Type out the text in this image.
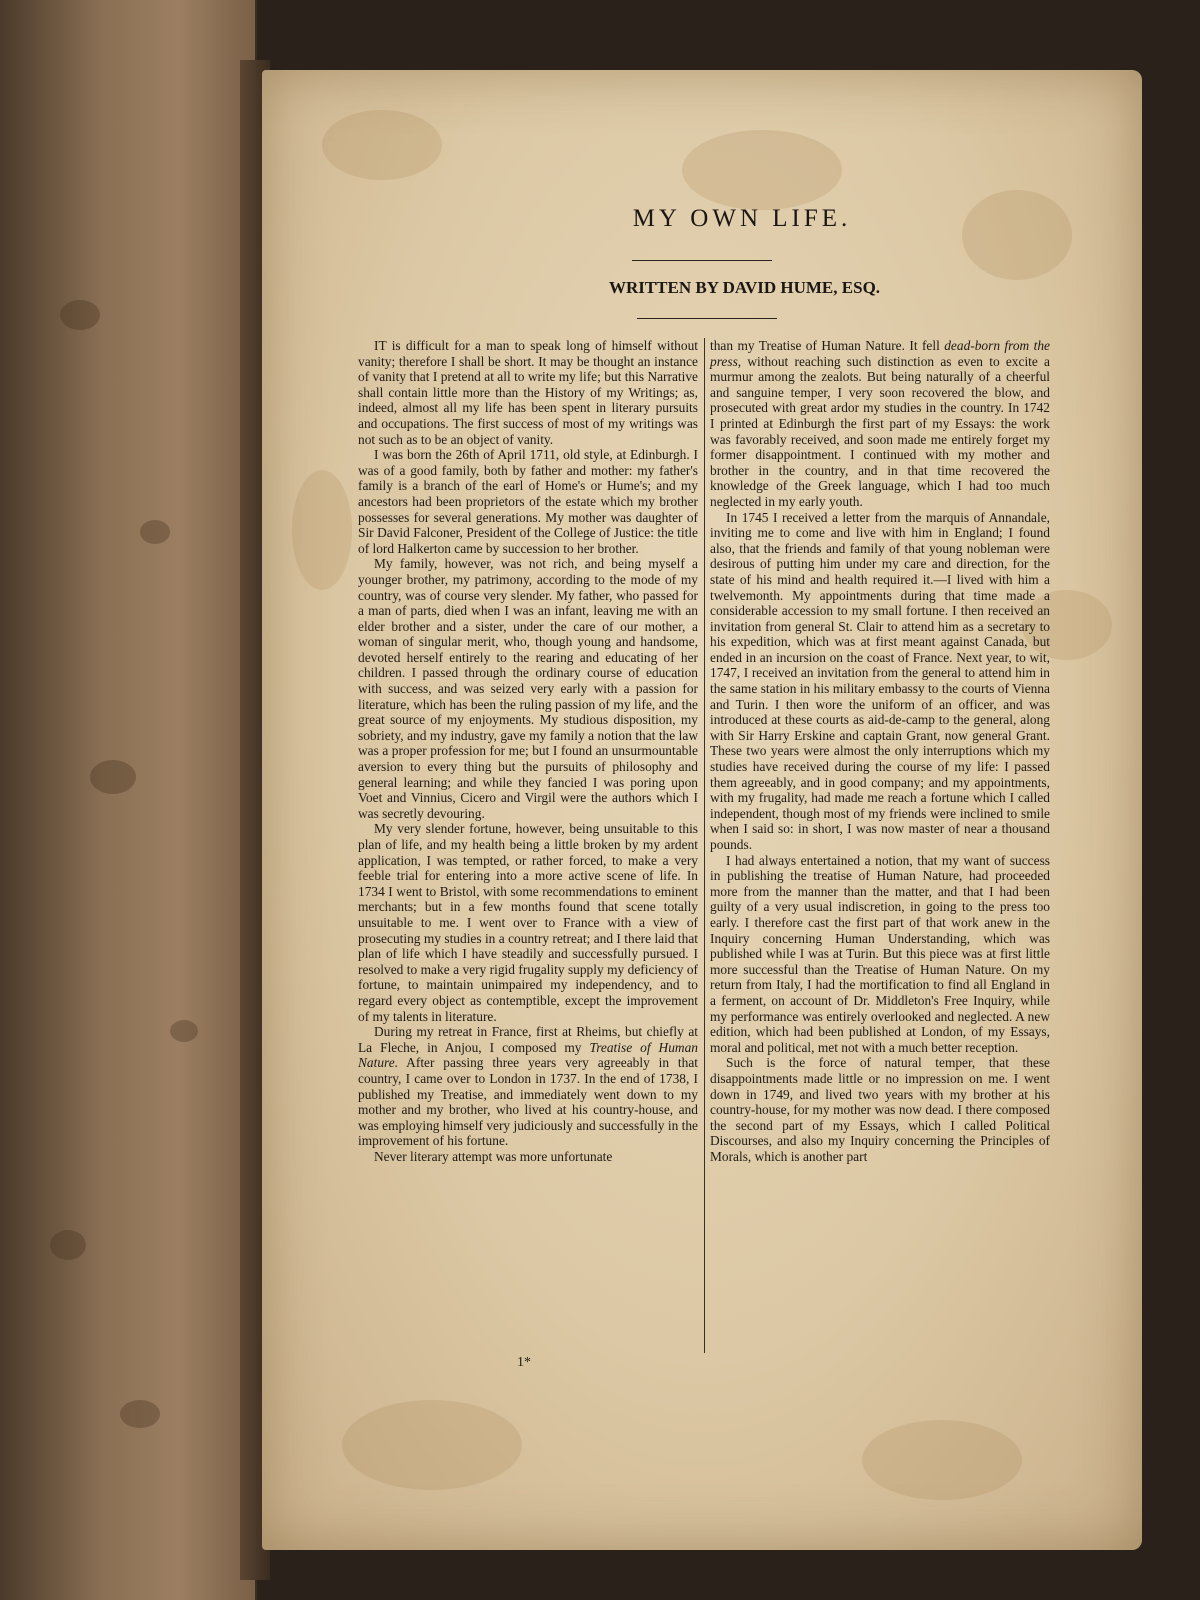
MY OWN LIFE.
WRITTEN BY DAVID HUME, ESQ.

IT is difficult for a man to speak long of himself without vanity; therefore I shall be short. It may be thought an instance of vanity that I pretend at all to write my life; but this Narrative shall contain little more than the History of my Writings; as, indeed, almost all my life has been spent in literary pursuits and occupations. The first success of most of my writings was not such as to be an object of vanity.

I was born the 26th of April 1711, old style, at Edinburgh. I was of a good family, both by father and mother: my father's family is a branch of the earl of Home's or Hume's; and my ancestors had been proprietors of the estate which my brother possesses for several generations. My mother was daughter of Sir David Falconer, President of the College of Justice: the title of lord Halkerton came by succession to her brother.

My family, however, was not rich, and being myself a younger brother, my patrimony, according to the mode of my country, was of course very slender. My father, who passed for a man of parts, died when I was an infant, leaving me with an elder brother and a sister, under the care of our mother, a woman of singular merit, who, though young and handsome, devoted herself entirely to the rearing and educating of her children. I passed through the ordinary course of education with success, and was seized very early with a passion for literature, which has been the ruling passion of my life, and the great source of my enjoyments. My studious disposition, my sobriety, and my industry, gave my family a notion that the law was a proper profession for me; but I found an unsurmountable aversion to every thing but the pursuits of philosophy and general learning; and while they fancied I was poring upon Voet and Vinnius, Cicero and Virgil were the authors which I was secretly devouring.

My very slender fortune, however, being unsuitable to this plan of life, and my health being a little broken by my ardent application, I was tempted, or rather forced, to make a very feeble trial for entering into a more active scene of life. In 1734 I went to Bristol, with some recommendations to eminent merchants; but in a few months found that scene totally unsuitable to me. I went over to France with a view of prosecuting my studies in a country retreat; and I there laid that plan of life which I have steadily and successfully pursued. I resolved to make a very rigid frugality supply my deficiency of fortune, to maintain unimpaired my independency, and to regard every object as contemptible, except the improvement of my talents in literature.

During my retreat in France, first at Rheims, but chiefly at La Fleche, in Anjou, I composed my Treatise of Human Nature. After passing three years very agreeably in that country, I came over to London in 1737. In the end of 1738, I published my Treatise, and immediately went down to my mother and my brother, who lived at his country-house, and was employing himself very judiciously and successfully in the improvement of his fortune.

Never literary attempt was more unfortunate

than my Treatise of Human Nature. It fell dead-born from the press, without reaching such distinction as even to excite a murmur among the zealots. But being naturally of a cheerful and sanguine temper, I very soon recovered the blow, and prosecuted with great ardor my studies in the country. In 1742 I printed at Edinburgh the first part of my Essays: the work was favorably received, and soon made me entirely forget my former disappointment. I continued with my mother and brother in the country, and in that time recovered the knowledge of the Greek language, which I had too much neglected in my early youth.

In 1745 I received a letter from the marquis of Annandale, inviting me to come and live with him in England; I found also, that the friends and family of that young nobleman were desirous of putting him under my care and direction, for the state of his mind and health required it.—I lived with him a twelvemonth. My appointments during that time made a considerable accession to my small fortune. I then received an invitation from general St. Clair to attend him as a secretary to his expedition, which was at first meant against Canada, but ended in an incursion on the coast of France. Next year, to wit, 1747, I received an invitation from the general to attend him in the same station in his military embassy to the courts of Vienna and Turin. I then wore the uniform of an officer, and was introduced at these courts as aid-de-camp to the general, along with Sir Harry Erskine and captain Grant, now general Grant. These two years were almost the only interruptions which my studies have received during the course of my life: I passed them agreeably, and in good company; and my appointments, with my frugality, had made me reach a fortune which I called independent, though most of my friends were inclined to smile when I said so: in short, I was now master of near a thousand pounds.

I had always entertained a notion, that my want of success in publishing the treatise of Human Nature, had proceeded more from the manner than the matter, and that I had been guilty of a very usual indiscretion, in going to the press too early. I therefore cast the first part of that work anew in the Inquiry concerning Human Understanding, which was published while I was at Turin. But this piece was at first little more successful than the Treatise of Human Nature. On my return from Italy, I had the mortification to find all England in a ferment, on account of Dr. Middleton's Free Inquiry, while my performance was entirely overlooked and neglected. A new edition, which had been published at London, of my Essays, moral and political, met not with a much better reception.

Such is the force of natural temper, that these disappointments made little or no impression on me. I went down in 1749, and lived two years with my brother at his country-house, for my mother was now dead. I there composed the second part of my Essays, which I called Political Discourses, and also my Inquiry concerning the Principles of Morals, which is another part

1*
